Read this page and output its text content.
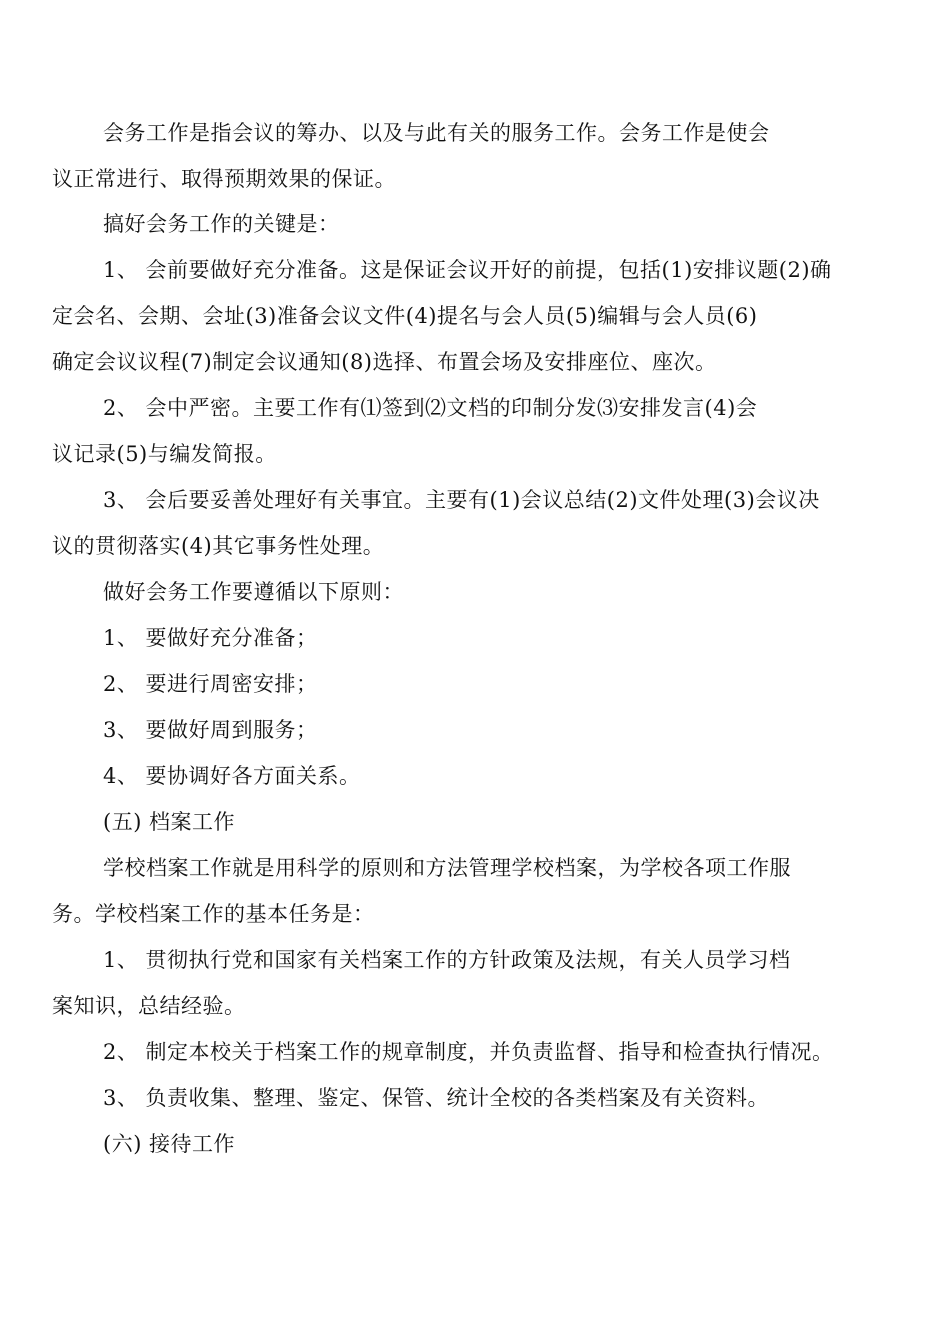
会务工作是指会议的筹办、以及与此有关的服务工作。会务工作是使会
议正常进行、取得预期效果的保证。
搞好会务工作的关键是：
1、 会前要做好充分准备。这是保证会议开好的前提，包括(1)安排议题(2)确
定会名、会期、会址(3)准备会议文件(4)提名与会人员(5)编辑与会人员(6)
确定会议议程(7)制定会议通知(8)选择、布置会场及安排座位、座次。
2、 会中严密。主要工作有⑴签到⑵文档的印制分发⑶安排发言(4)会
议记录(5)与编发简报。
3、 会后要妥善处理好有关事宜。主要有(1)会议总结(2)文件处理(3)会议决
议的贯彻落实(4)其它事务性处理。
做好会务工作要遵循以下原则：
1、 要做好充分准备；
2、 要进行周密安排；
3、 要做好周到服务；
4、 要协调好各方面关系。
(五) 档案工作
学校档案工作就是用科学的原则和方法管理学校档案，为学校各项工作服
务。学校档案工作的基本任务是：
1、 贯彻执行党和国家有关档案工作的方针政策及法规，有关人员学习档
案知识，总结经验。
2、 制定本校关于档案工作的规章制度，并负责监督、指导和检查执行情况。
3、 负责收集、整理、鉴定、保管、统计全校的各类档案及有关资料。
(六) 接待工作
